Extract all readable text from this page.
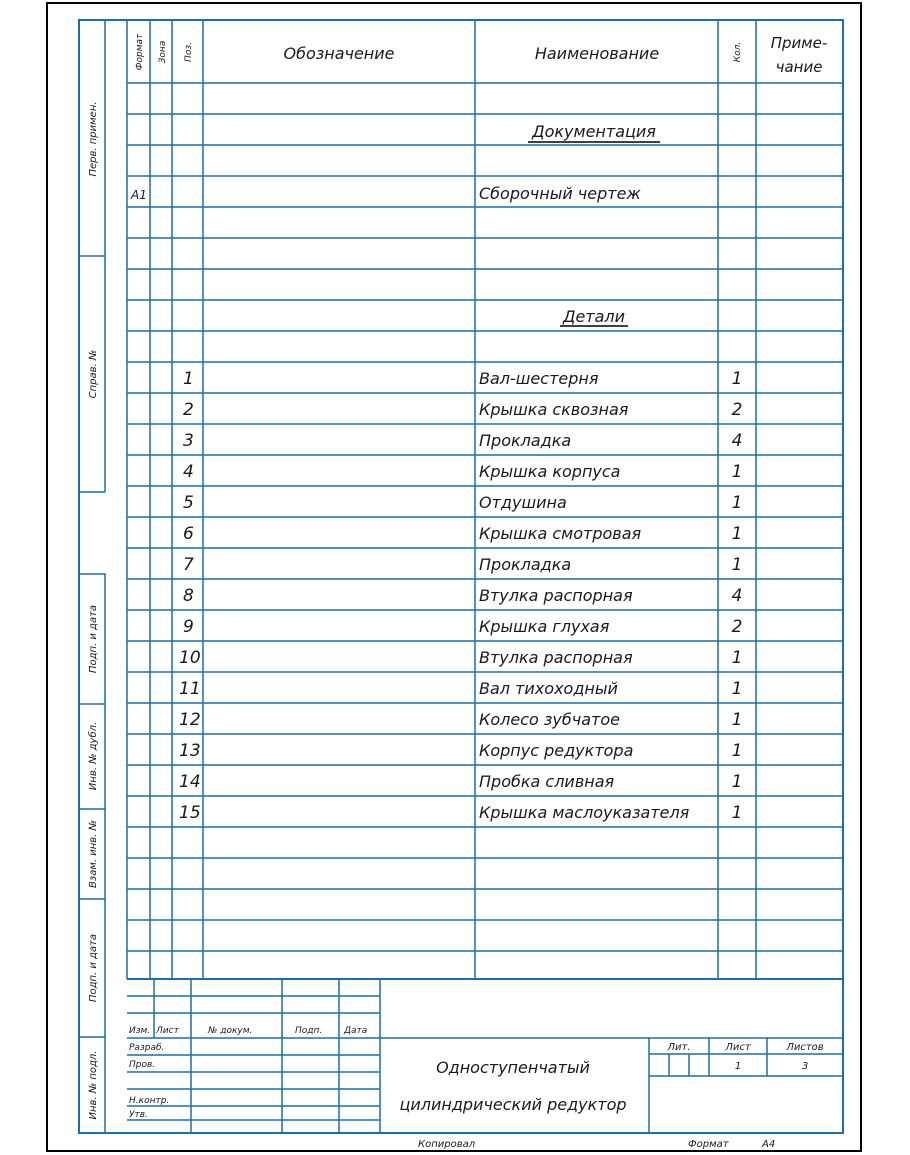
Перв. примен.
Справ. №
Подп. и дата
Инв. № дубл.
Взам. инв. №
Подп. и дата
Инв. № подл.
Формат Зона Поз.	Обозначение	Наименование	Кол. Приме-
чание
Документация
А1	Сборочный чертеж
Детали
1	Вал-шестерня	1
2	Крышка сквозная	2
3	Прокладка	4
4	Крышка корпуса	1
5	Отдушина	1
6	Крышка смотровая	1
7	Прокладка	1
8	Втулка распорная	4
9	Крышка глухая	2
10	Втулка распорная	1
11	Вал тихоходный	1
12	Колесо зубчатое	1
13	Корпус редуктора	1
14	Пробка сливная	1
15	Крышка маслоуказателя 1
Изм. Лист	№ докум.	Подп. Дата
Разраб.
Пров.
Н.контр.
Утв.
Одноступенчатый
цилиндрический редуктор
Лит.	Лист	Листов
1	3
Копировал	Формат	А4
